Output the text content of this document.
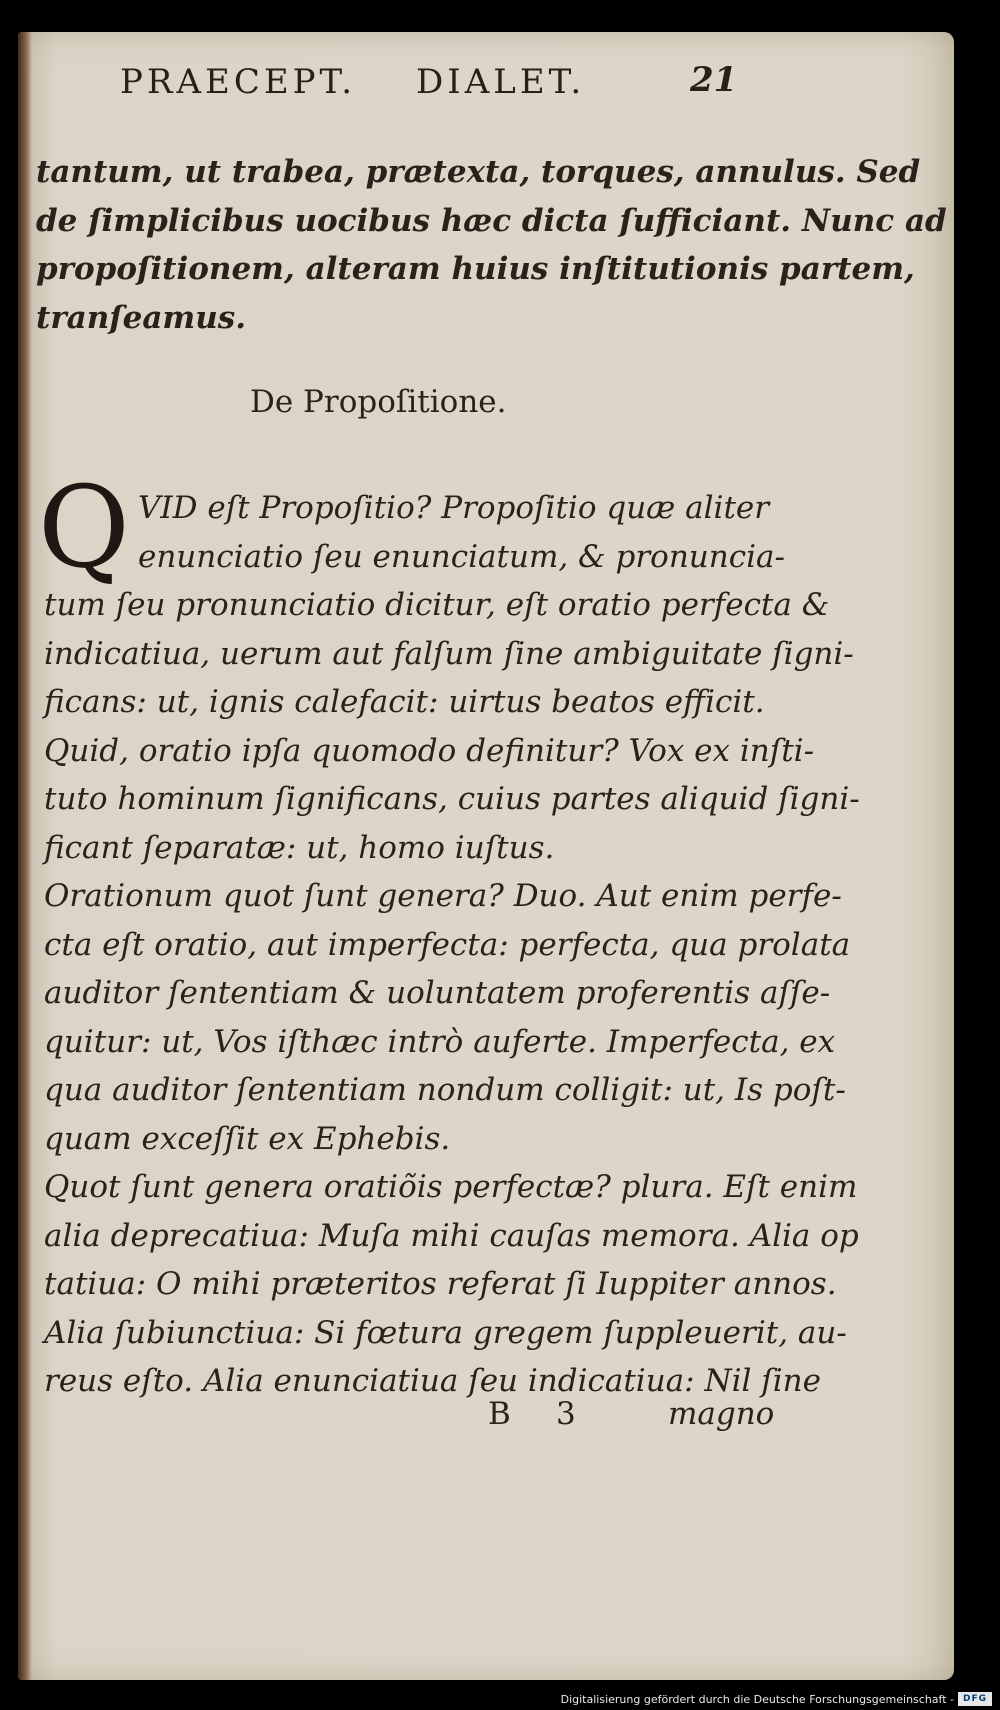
PRAECEPT. DIALET.	21
tantum, ut trabea, prætexta, torques, annulus. Sed
de ſimplicibus uocibus hæc dicta ſufficiant. Nunc ad
propoſitionem, alteram huius inſtitutionis partem,
tranſeamus.
De Propoſitione.
Q VID eſt Propoſitio? Propoſitio quæ aliter
enunciatio ſeu enunciatum, & pronuncia-
tum ſeu pronunciatio dicitur, eſt oratio perfecta &
indicatiua, uerum aut falſum ſine ambiguitate ſigni-
ficans: ut, ignis calefacit: uirtus beatos efficit.
Quid, oratio ipſa quomodo definitur? Vox ex inſti-
tuto hominum ſignificans, cuius partes aliquid ſigni-
ficant ſeparatæ: ut, homo iuſtus.
Orationum quot ſunt genera? Duo. Aut enim perfe-
cta eſt oratio, aut imperfecta: perfecta, qua prolata
auditor ſententiam & uoluntatem proferentis aſſe-
quitur: ut, Vos iſthæc intrò auferte. Imperfecta, ex
qua auditor ſententiam nondum colligit: ut, Is poſt-
quam exceſſit ex Ephebis.
Quot ſunt genera oratiõis perfectæ? plura. Eſt enim
alia deprecatiua: Muſa mihi cauſas memora. Alia op
tatiua: O mihi præteritos referat ſi Iuppiter annos.
Alia ſubiunctiua: Si fœtura gregem ſuppleuerit, au-
reus eſto. Alia enunciatiua ſeu indicatiua: Nil ſine
B 3	magno
Digitalisierung gefördert durch die Deutsche Forschungsgemeinschaft - DFG
